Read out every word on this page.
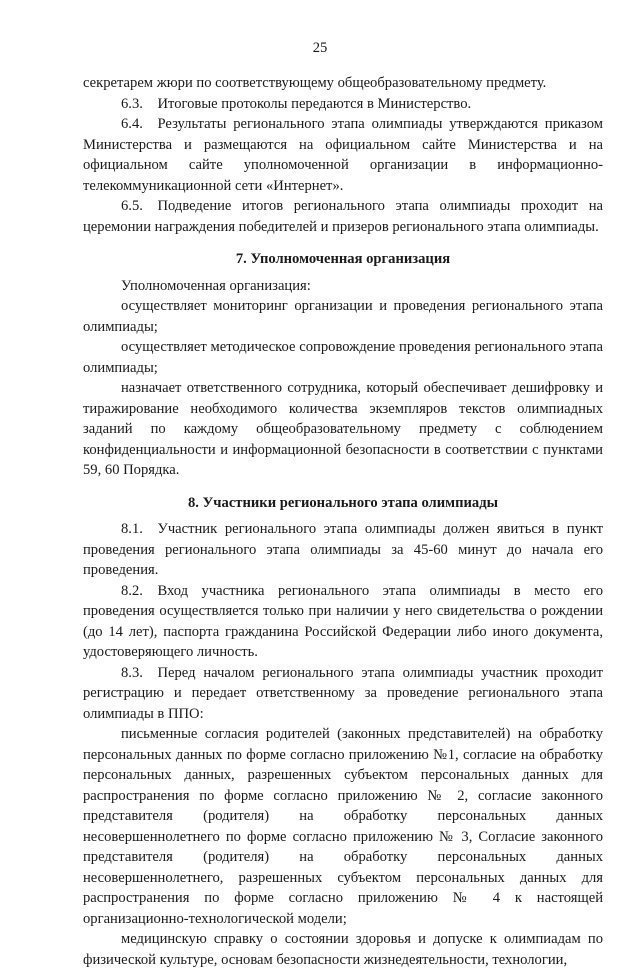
25

секретарем жюри по соответствующему общеобразовательному предмету.

6.3. Итоговые протоколы передаются в Министерство.

6.4. Результаты регионального этапа олимпиады утверждаются приказом Министерства и размещаются на официальном сайте Министерства и на официальном сайте уполномоченной организации в информационно-телекоммуникационной сети «Интернет».

6.5. Подведение итогов регионального этапа олимпиады проходит на церемонии награждения победителей и призеров регионального этапа олимпиады.

7. Уполномоченная организация

Уполномоченная организация:

осуществляет мониторинг организации и проведения регионального этапа олимпиады;

осуществляет методическое сопровождение проведения регионального этапа олимпиады;

назначает ответственного сотрудника, который обеспечивает дешифровку и тиражирование необходимого количества экземпляров текстов олимпиадных заданий по каждому общеобразовательному предмету с соблюдением конфиденциальности и информационной безопасности в соответствии с пунктами 59, 60 Порядка.

8. Участники регионального этапа олимпиады

8.1. Участник регионального этапа олимпиады должен явиться в пункт проведения регионального этапа олимпиады за 45-60 минут до начала его проведения.

8.2. Вход участника регионального этапа олимпиады в место его проведения осуществляется только при наличии у него свидетельства о рождении (до 14 лет), паспорта гражданина Российской Федерации либо иного документа, удостоверяющего личность.

8.3. Перед началом регионального этапа олимпиады участник проходит регистрацию и передает ответственному за проведение регионального этапа олимпиады в ППО:

письменные согласия родителей (законных представителей) на обработку персональных данных по форме согласно приложению №1, согласие на обработку персональных данных, разрешенных субъектом персональных данных для распространения по форме согласно приложению № 2, согласие законного представителя (родителя) на обработку персональных данных несовершеннолетнего по форме согласно приложению № 3, Согласие законного представителя (родителя) на обработку персональных данных несовершеннолетнего, разрешенных субъектом персональных данных для распространения по форме согласно приложению № 4 к настоящей организационно-технологической модели;

медицинскую справку о состоянии здоровья и допуске к олимпиадам по физической культуре, основам безопасности жизнедеятельности, технологии,
